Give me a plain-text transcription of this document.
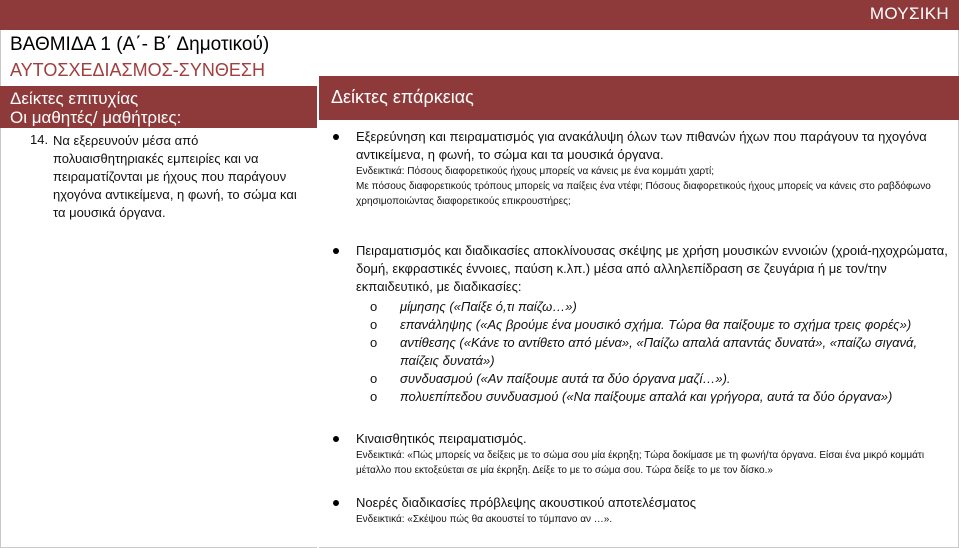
ΜΟΥΣΙΚΗ
ΒΑΘΜΙΔΑ 1 (Α΄- Β΄ Δημοτικού)
ΑΥΤΟΣΧΕΔΙΑΣΜΟΣ-ΣΥΝΘΕΣΗ
Δείκτες επιτυχίας
Οι μαθητές/ μαθήτριες:
14. Να εξερευνούν μέσα από πολυαισθητηριακές εμπειρίες και να πειραματίζονται με ήχους που παράγουν ηχογόνα αντικείμενα, η φωνή, το σώμα και τα μουσικά όργανα.
Δείκτες επάρκειας
Εξερεύνηση και πειραματισμός για ανακάλυψη όλων των πιθανών ήχων που παράγουν τα ηχογόνα αντικείμενα, η φωνή, το σώμα και τα μουσικά όργανα.
Ενδεικτικά: Πόσους διαφορετικούς ήχους μπορείς να κάνεις με ένα κομμάτι χαρτί;
Με πόσους διαφορετικούς τρόπους μπορείς να παίξεις ένα ντέφι; Πόσους διαφορετικούς ήχους μπορείς να κάνεις στο ραβδόφωνο χρησιμοποιώντας διαφορετικούς επικρουστήρες;
Πειραματισμός και διαδικασίες αποκλίνουσας σκέψης με χρήση μουσικών εννοιών (χροιά-ηχοχρώματα, δομή, εκφραστικές έννοιες, παύση κ.λπ.) μέσα από αλληλεπίδραση σε ζευγάρια ή με τον/την εκπαιδευτικό, με διαδικασίες:
o μίμησης («Παίξε ό,τι παίζω…»)
o επανάληψης («Ας βρούμε ένα μουσικό σχήμα. Τώρα θα παίξουμε το σχήμα τρεις φορές»)
o αντίθεσης («Κάνε το αντίθετο από μένα», «Παίζω απαλά απαντάς δυνατά», «παίζω σιγανά, παίζεις δυνατά»)
o συνδυασμού («Αν παίξουμε αυτά τα δύο όργανα μαζί…»).
o πολυεπίπεδου συνδυασμού («Να παίξουμε απαλά και γρήγορα, αυτά τα δύο όργανα»)
Κιναισθητικός πειραματισμός.
Ενδεικτικά: «Πώς μπορείς να δείξεις με το σώμα σου μία έκρηξη; Τώρα δοκίμασε με τη φωνή/τα όργανα. Είσαι ένα μικρό κομμάτι μέταλλο που εκτοξεύεται σε μία έκρηξη. Δείξε το με το σώμα σου. Τώρα δείξε το με τον δίσκο.»
Νοερές διαδικασίες πρόβλεψης ακουστικού αποτελέσματος
Ενδεικτικά: «Σκέψου πώς θα ακουστεί το τύμπανο αν …».
